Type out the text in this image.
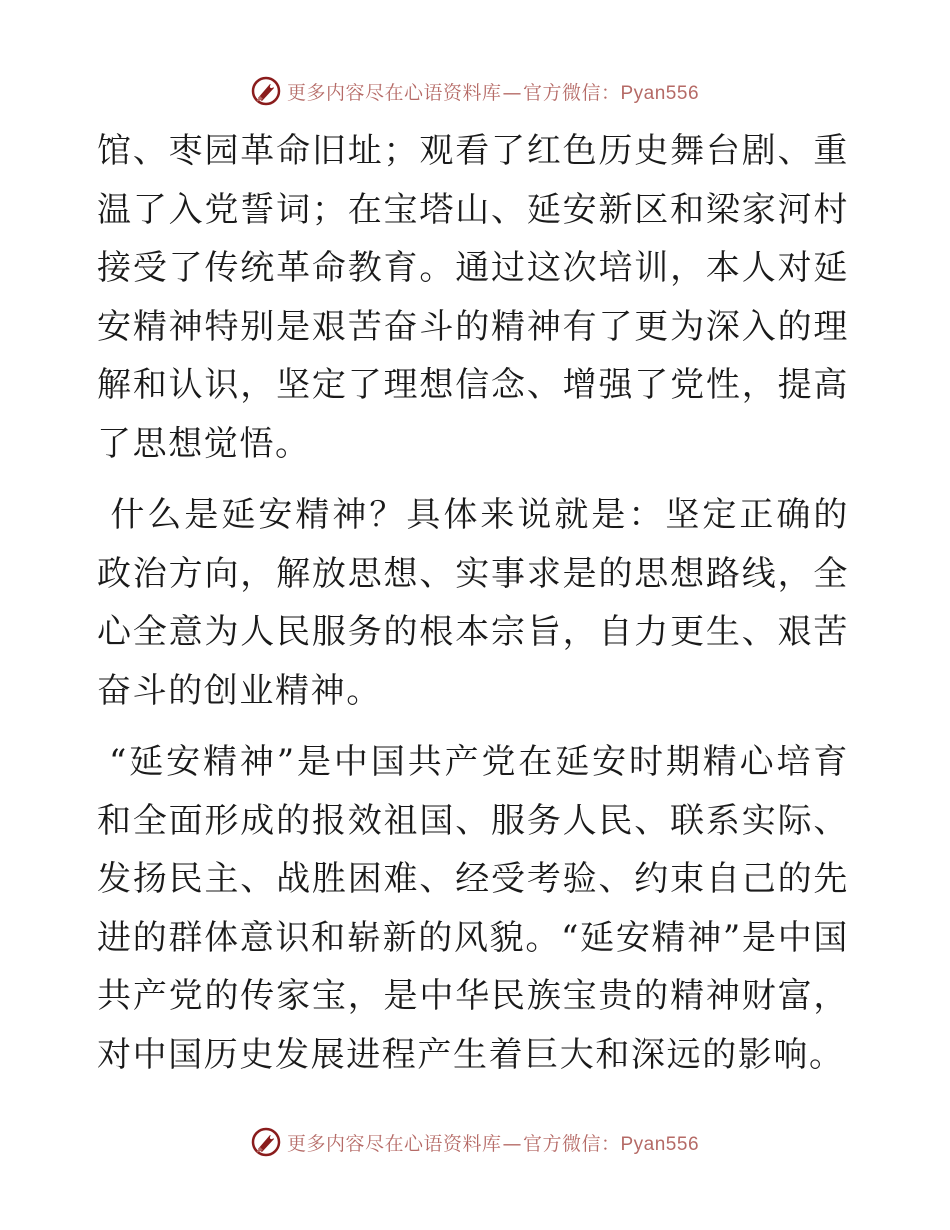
更多内容尽在心语资料库—官方微信：Pyan556

馆、枣园革命旧址；观看了红色历史舞台剧、重温了入党誓词；在宝塔山、延安新区和梁家河村接受了传统革命教育。通过这次培训，本人对延安精神特别是艰苦奋斗的精神有了更为深入的理解和认识，坚定了理想信念、增强了党性，提高了思想觉悟。

什么是延安精神？具体来说就是：坚定正确的政治方向，解放思想、实事求是的思想路线，全心全意为人民服务的根本宗旨，自力更生、艰苦奋斗的创业精神。

“延安精神”是中国共产党在延安时期精心培育和全面形成的报效祖国、服务人民、联系实际、发扬民主、战胜困难、经受考验、约束自己的先进的群体意识和崭新的风貌。“延安精神”是中国共产党的传家宝，是中华民族宝贵的精神财富，对中国历史发展进程产生着巨大和深远的影响。

更多内容尽在心语资料库—官方微信：Pyan556
